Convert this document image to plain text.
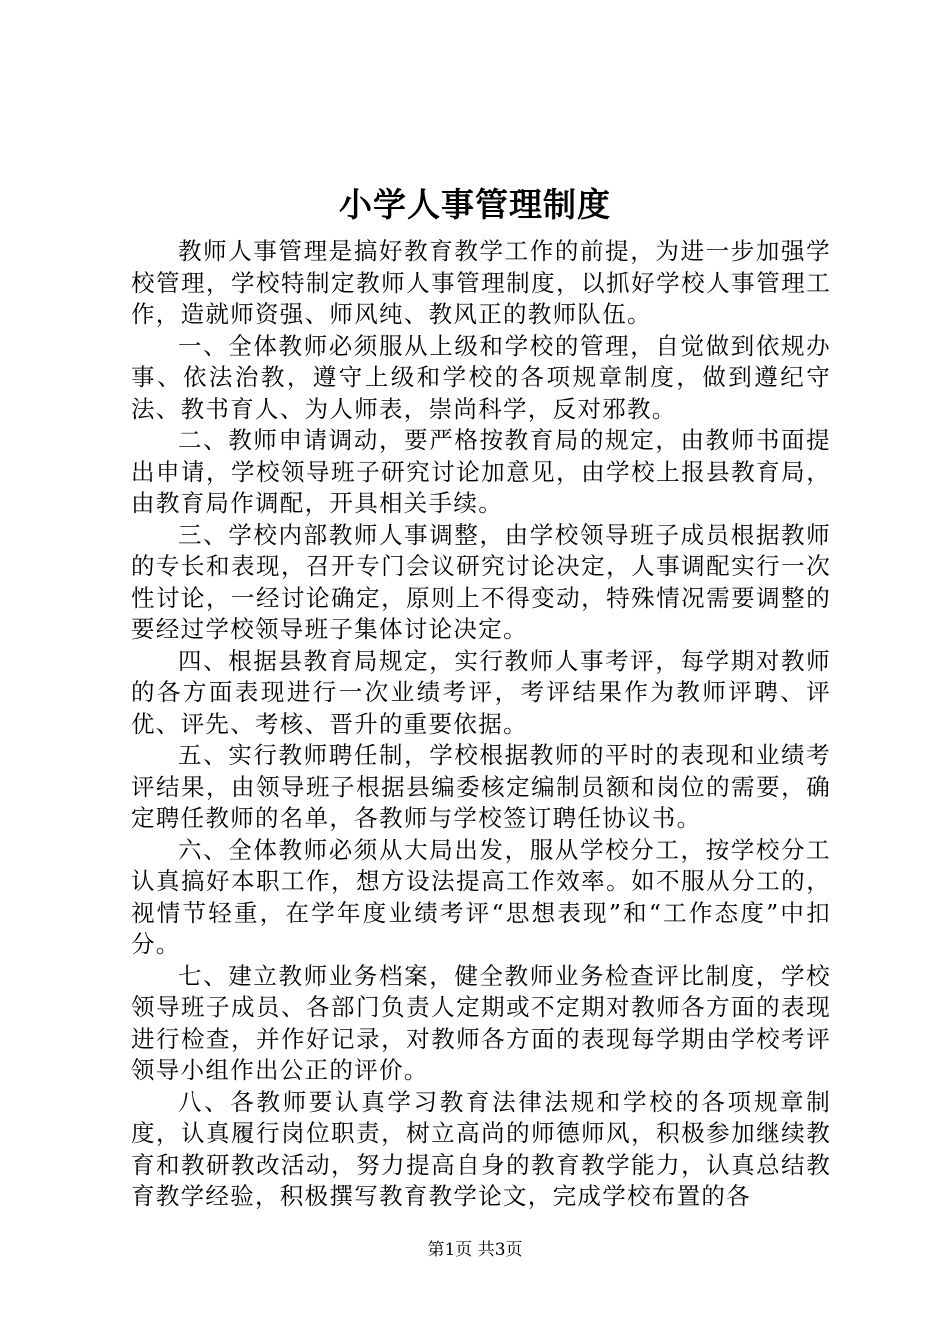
小学人事管理制度

教师人事管理是搞好教育教学工作的前提，为进一步加强学校管理，学校特制定教师人事管理制度，以抓好学校人事管理工作，造就师资强、师风纯、教风正的教师队伍。

一、全体教师必须服从上级和学校的管理，自觉做到依规办事、依法治教，遵守上级和学校的各项规章制度，做到遵纪守法、教书育人、为人师表，崇尚科学，反对邪教。

二、教师申请调动，要严格按教育局的规定，由教师书面提出申请，学校领导班子研究讨论加意见，由学校上报县教育局，由教育局作调配，开具相关手续。

三、学校内部教师人事调整，由学校领导班子成员根据教师的专长和表现，召开专门会议研究讨论决定，人事调配实行一次性讨论，一经讨论确定，原则上不得变动，特殊情况需要调整的要经过学校领导班子集体讨论决定。

四、根据县教育局规定，实行教师人事考评，每学期对教师的各方面表现进行一次业绩考评，考评结果作为教师评聘、评优、评先、考核、晋升的重要依据。

五、实行教师聘任制，学校根据教师的平时的表现和业绩考评结果，由领导班子根据县编委核定编制员额和岗位的需要，确定聘任教师的名单，各教师与学校签订聘任协议书。

六、全体教师必须从大局出发，服从学校分工，按学校分工认真搞好本职工作，想方设法提高工作效率。如不服从分工的，视情节轻重，在学年度业绩考评“思想表现”和“工作态度”中扣分。

七、建立教师业务档案，健全教师业务检查评比制度，学校领导班子成员、各部门负责人定期或不定期对教师各方面的表现进行检查，并作好记录，对教师各方面的表现每学期由学校考评领导小组作出公正的评价。

八、各教师要认真学习教育法律法规和学校的各项规章制度，认真履行岗位职责，树立高尚的师德师风，积极参加继续教育和教研教改活动，努力提高自身的教育教学能力，认真总结教育教学经验，积极撰写教育教学论文，完成学校布置的各

第1页 共3页
